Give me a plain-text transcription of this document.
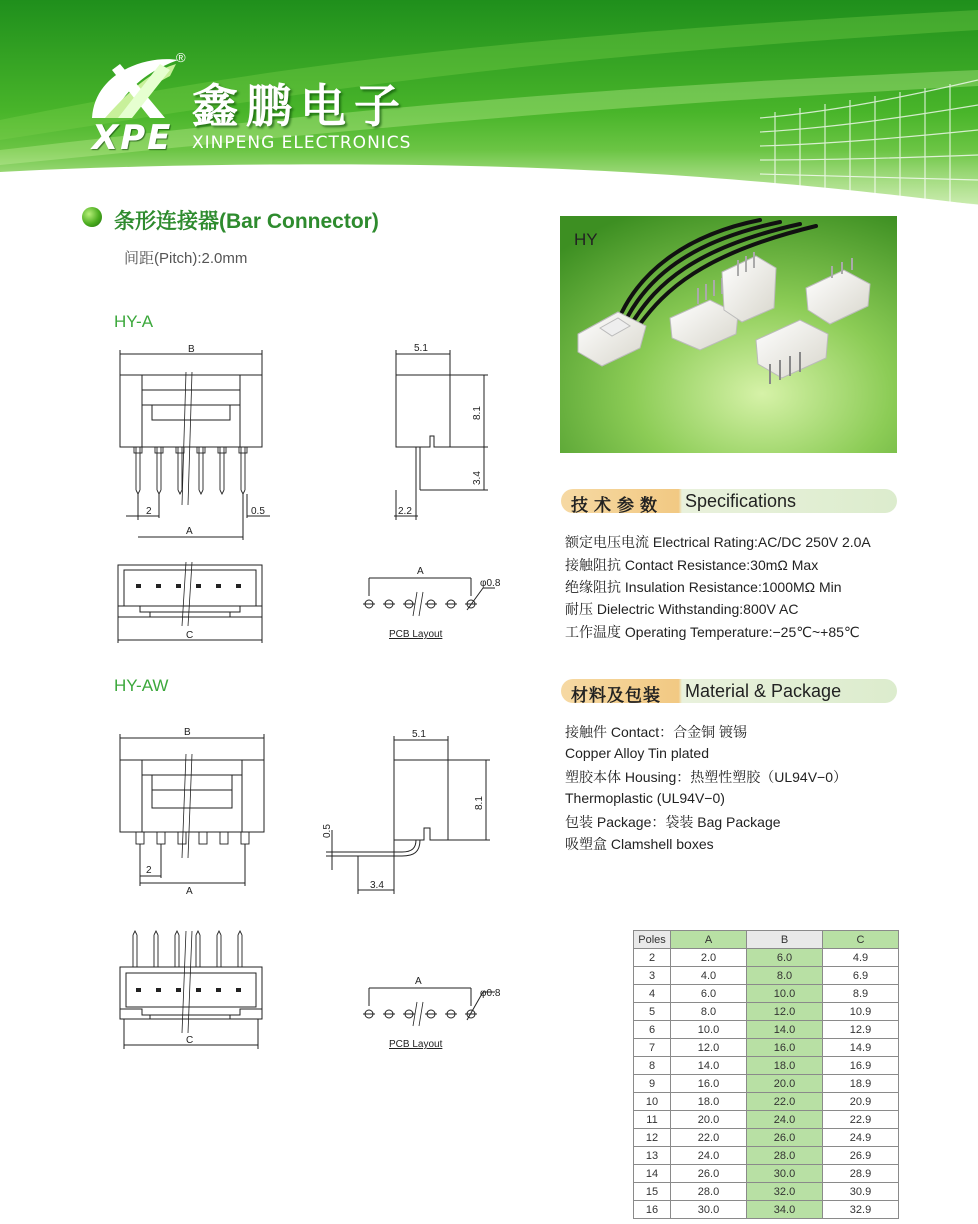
®
XPE
鑫鹏电子
XINPENG ELECTRONICS
条形连接器(Bar Connector)
间距(Pitch):2.0mm
HY-A
HY-AW
B
2	0.5
A
5.1
8.1
3.4
2.2
C
A
φ0.8
PCB Layout
B
2
A
5.1
8.1
0.5
3.4
C
A
φ0.8
PCB Layout
HY
技术参数 Specifications
额定电压电流 Electrical Rating:AC/DC 250V 2.0A
接触阻抗 Contact Resistance:30mΩ Max
绝缘阻抗 Insulation Resistance:1000MΩ Min
耐压 Dielectric Withstanding:800V AC
工作温度 Operating Temperature:−25℃~+85℃
材料及包装 Material & Package
接触件 Contact：合金铜 镀锡
Copper Alloy Tin plated
塑胶本体 Housing：热塑性塑胶（UL94V−0）
Thermoplastic (UL94V−0)
包装 Package：袋装 Bag Package
吸塑盒 Clamshell boxes
Poles	A	B	C
2	2.0	6.0	4.9
3	4.0	8.0	6.9
4	6.0	10.0	8.9
5	8.0	12.0	10.9
6	10.0	14.0	12.9
7	12.0	16.0	14.9
8	14.0	18.0	16.9
9	16.0	20.0	18.9
10	18.0	22.0	20.9
11	20.0	24.0	22.9
12	22.0	26.0	24.9
13	24.0	28.0	26.9
14	26.0	30.0	28.9
15	28.0	32.0	30.9
16	30.0	34.0	32.9
